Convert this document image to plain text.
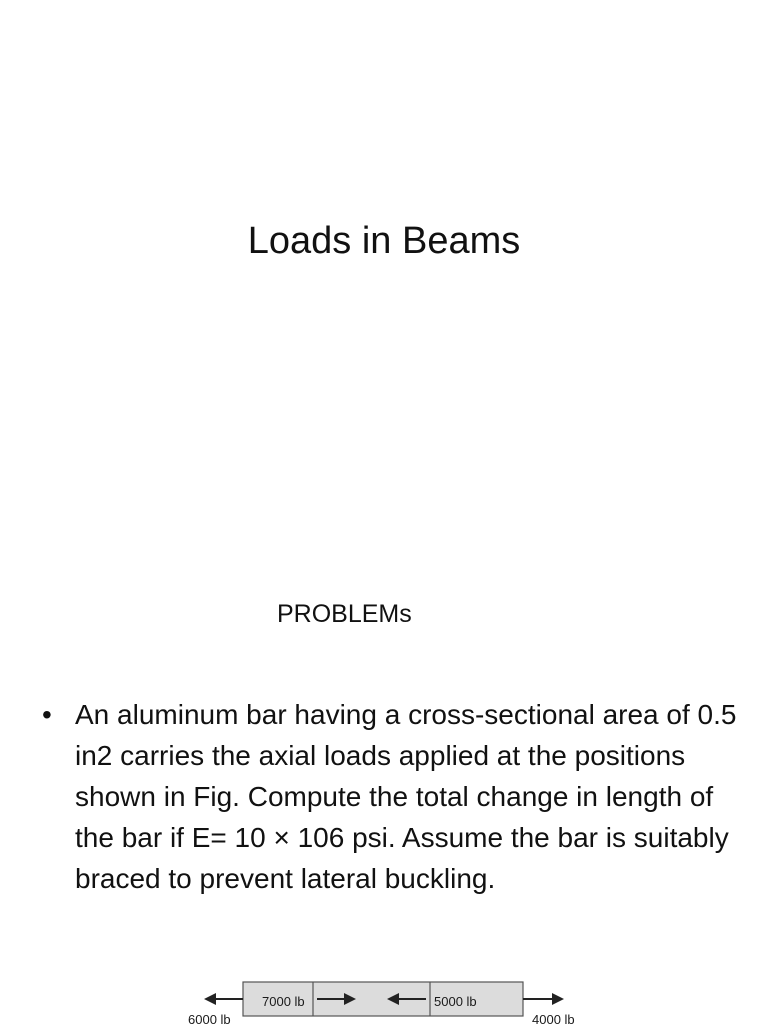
Loads in Beams
PROBLEMs
• An aluminum bar having a cross-sectional area of 0.5 in2 carries the axial loads applied at the positions shown in Fig. Compute the total change in length of the bar if E= 10 × 106 psi. Assume the bar is suitably braced to prevent lateral buckling.
6000 lb
7000 lb	5000 lb
4000 lb
